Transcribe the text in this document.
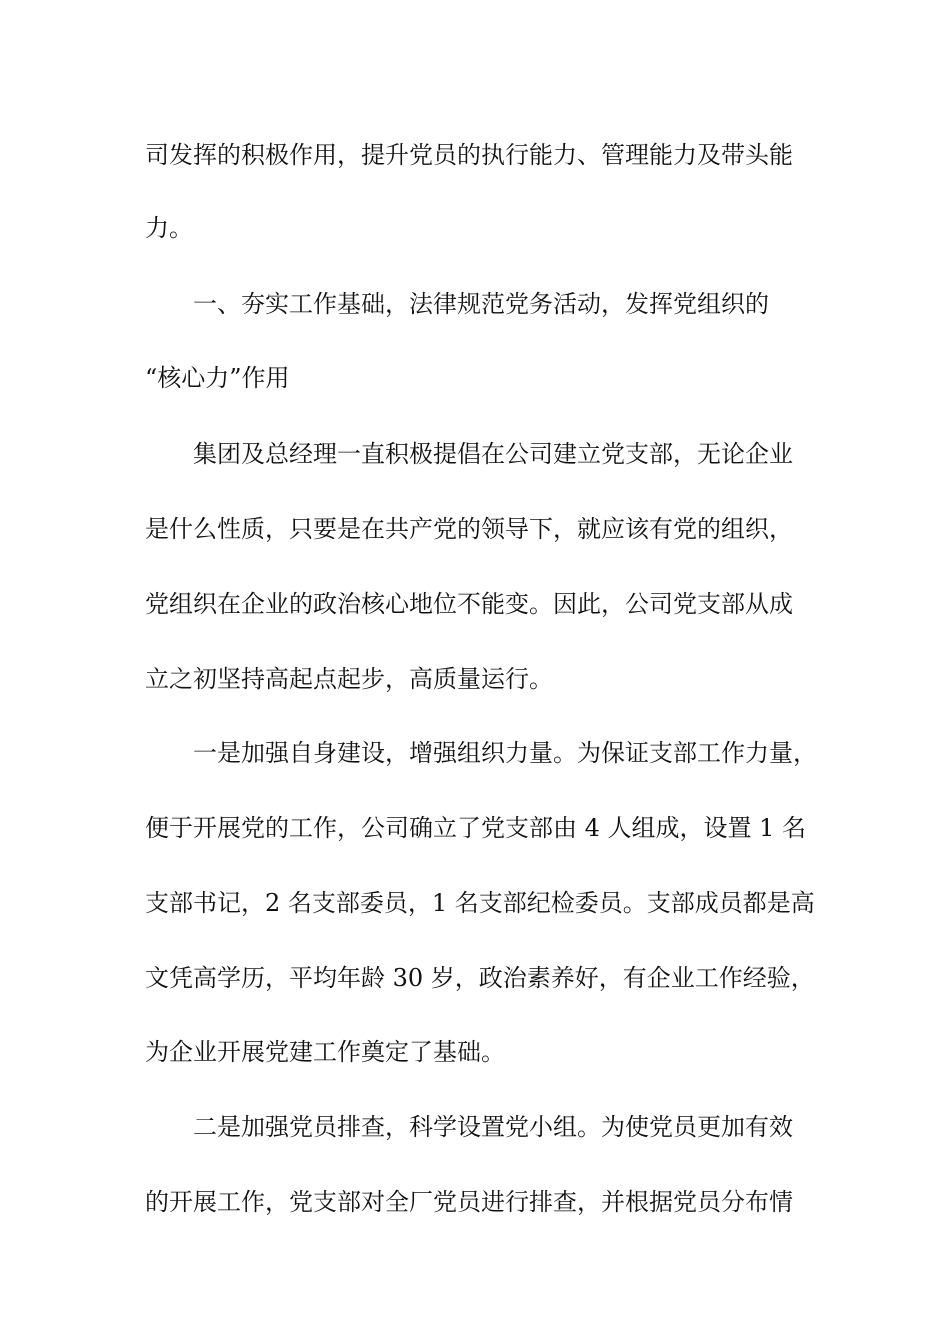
司发挥的积极作用，提升党员的执行能力、管理能力及带头能
力。
一、夯实工作基础，法律规范党务活动，发挥党组织的
“核心力”作用
集团及总经理一直积极提倡在公司建立党支部，无论企业
是什么性质，只要是在共产党的领导下，就应该有党的组织，
党组织在企业的政治核心地位不能变。因此，公司党支部从成
立之初坚持高起点起步，高质量运行。
一是加强自身建设，增强组织力量。为保证支部工作力量，
便于开展党的工作，公司确立了党支部由 4 人组成，设置 1 名
支部书记，2 名支部委员，1 名支部纪检委员。支部成员都是高
文凭高学历，平均年龄 30 岁，政治素养好，有企业工作经验，
为企业开展党建工作奠定了基础。
二是加强党员排查，科学设置党小组。为使党员更加有效
的开展工作，党支部对全厂党员进行排查，并根据党员分布情
